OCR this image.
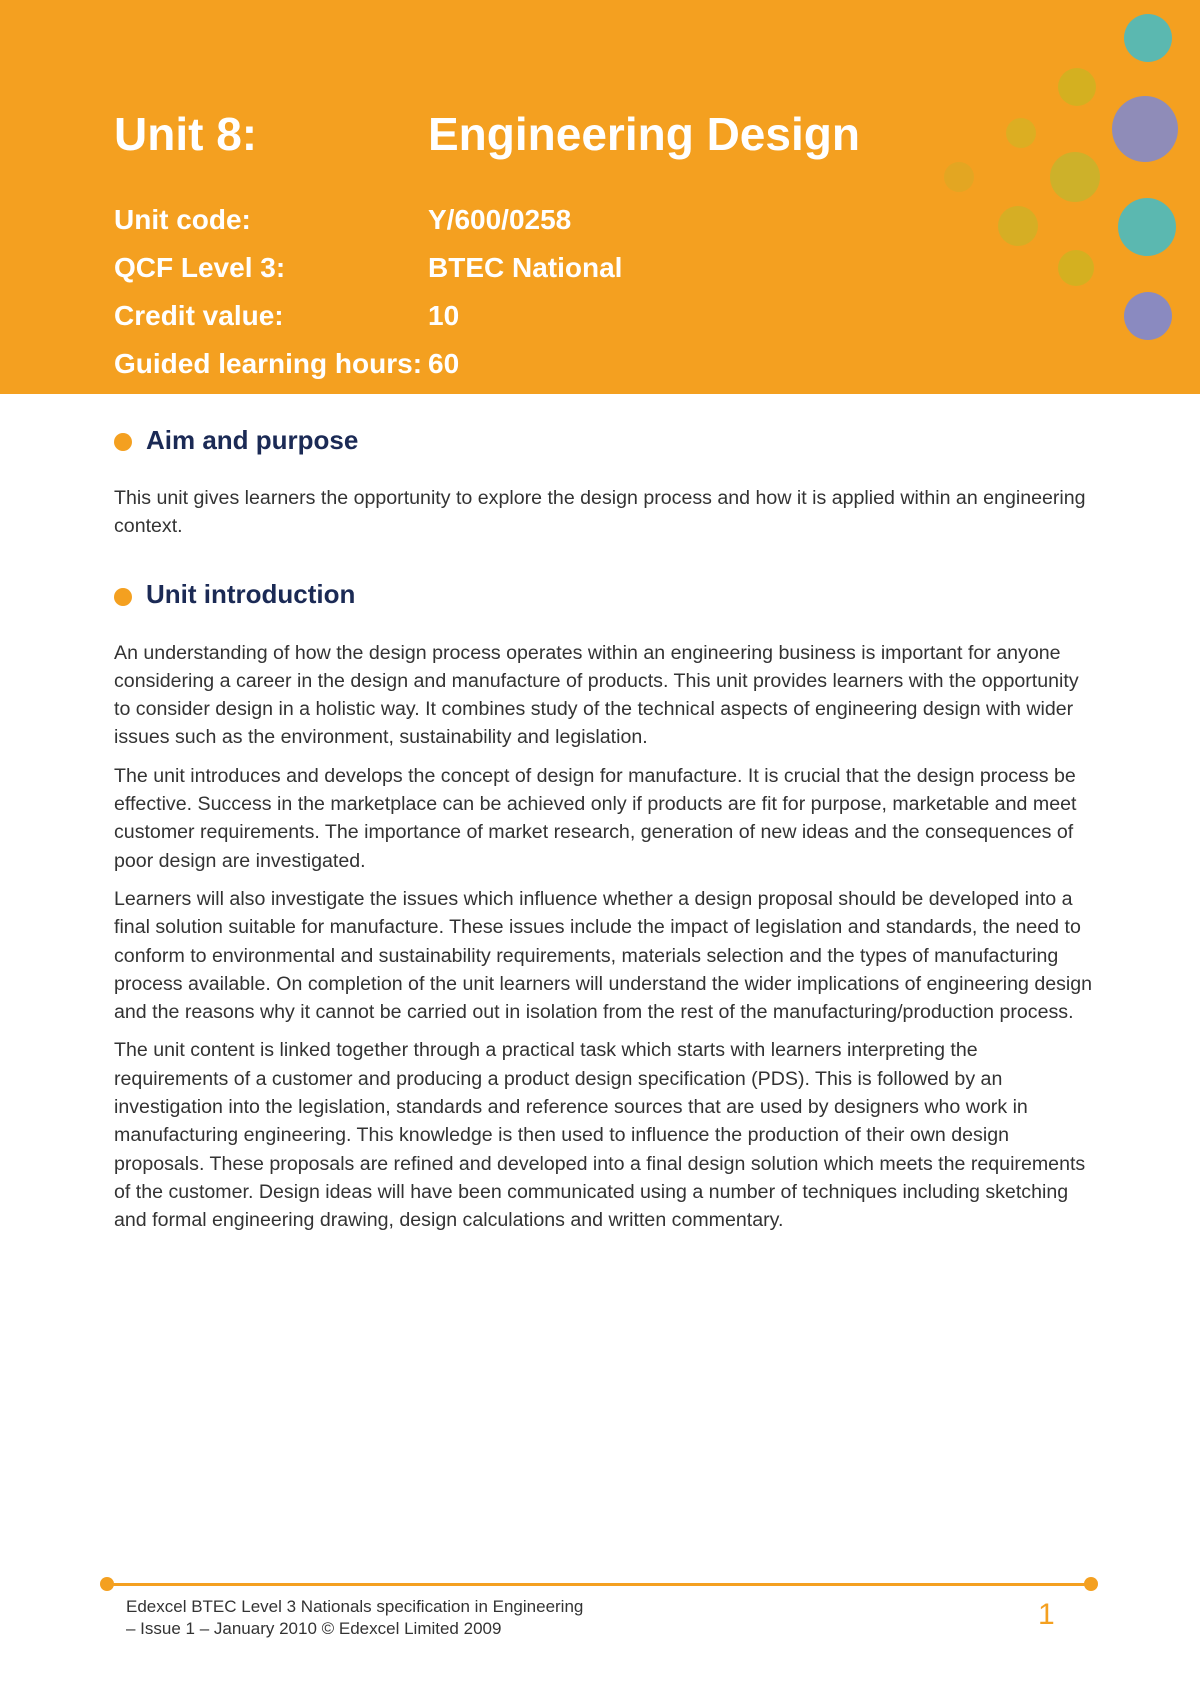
Unit 8:	Engineering Design
Unit code:	Y/600/0258
QCF Level 3:	BTEC National
Credit value:	10
Guided learning hours: 60
Aim and purpose

This unit gives learners the opportunity to explore the design process and how it is applied within an engineering context.

Unit introduction

An understanding of how the design process operates within an engineering business is important for anyone considering a career in the design and manufacture of products. This unit provides learners with the opportunity to consider design in a holistic way. It combines study of the technical aspects of engineering design with wider issues such as the environment, sustainability and legislation.

The unit introduces and develops the concept of design for manufacture. It is crucial that the design process be effective. Success in the marketplace can be achieved only if products are fit for purpose, marketable and meet customer requirements. The importance of market research, generation of new ideas and the consequences of poor design are investigated.

Learners will also investigate the issues which influence whether a design proposal should be developed into a final solution suitable for manufacture. These issues include the impact of legislation and standards, the need to conform to environmental and sustainability requirements, materials selection and the types of manufacturing process available. On completion of the unit learners will understand the wider implications of engineering design and the reasons why it cannot be carried out in isolation from the rest of the manufacturing/production process.

The unit content is linked together through a practical task which starts with learners interpreting the requirements of a customer and producing a product design specification (PDS). This is followed by an investigation into the legislation, standards and reference sources that are used by designers who work in manufacturing engineering. This knowledge is then used to influence the production of their own design proposals. These proposals are refined and developed into a final design solution which meets the requirements of the customer. Design ideas will have been communicated using a number of techniques including sketching and formal engineering drawing, design calculations and written commentary.

Edexcel BTEC Level 3 Nationals specification in Engineering
– Issue 1 – January 2010 © Edexcel Limited 2009	1
